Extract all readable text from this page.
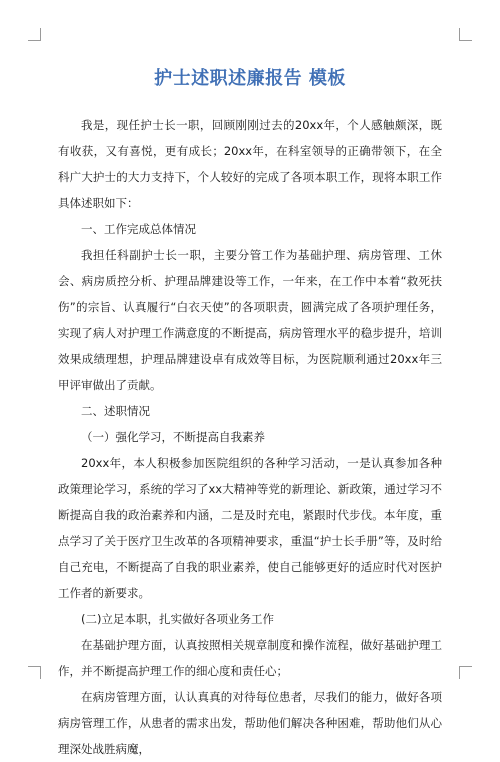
护士述职述廉报告 模板

我是，现任护士长一职，回顾刚刚过去的20xx年，个人感触颇深，既有收获，又有喜悦，更有成长；20xx年，在科室领导的正确带领下，在全科广大护士的大力支持下，个人较好的完成了各项本职工作，现将本职工作具体述职如下：

一、工作完成总体情况

我担任科副护士长一职，主要分管工作为基础护理、病房管理、工休会、病房质控分析、护理品牌建设等工作，一年来，在工作中本着“救死扶伤”的宗旨、认真履行“白衣天使”的各项职责，圆满完成了各项护理任务，实现了病人对护理工作满意度的不断提高，病房管理水平的稳步提升，培训效果成绩理想，护理品牌建设卓有成效等目标，为医院顺利通过20xx年三甲评审做出了贡献。

二、述职情况

（一）强化学习，不断提高自我素养

20xx年，本人积极参加医院组织的各种学习活动，一是认真参加各种政策理论学习，系统的学习了xx大精神等党的新理论、新政策，通过学习不断提高自我的政治素养和内涵，二是及时充电，紧跟时代步伐。本年度，重点学习了关于医疗卫生改革的各项精神要求，重温“护士长手册”等，及时给自己充电，不断提高了自我的职业素养，使自己能够更好的适应时代对医护工作者的新要求。

(二)立足本职，扎实做好各项业务工作

在基础护理方面，认真按照相关规章制度和操作流程，做好基础护理工作，并不断提高护理工作的细心度和责任心；

在病房管理方面，认认真真的对待每位患者，尽我们的能力，做好各项病房管理工作，从患者的需求出发，帮助他们解决各种困难，帮助他们从心理深处战胜病魔，
